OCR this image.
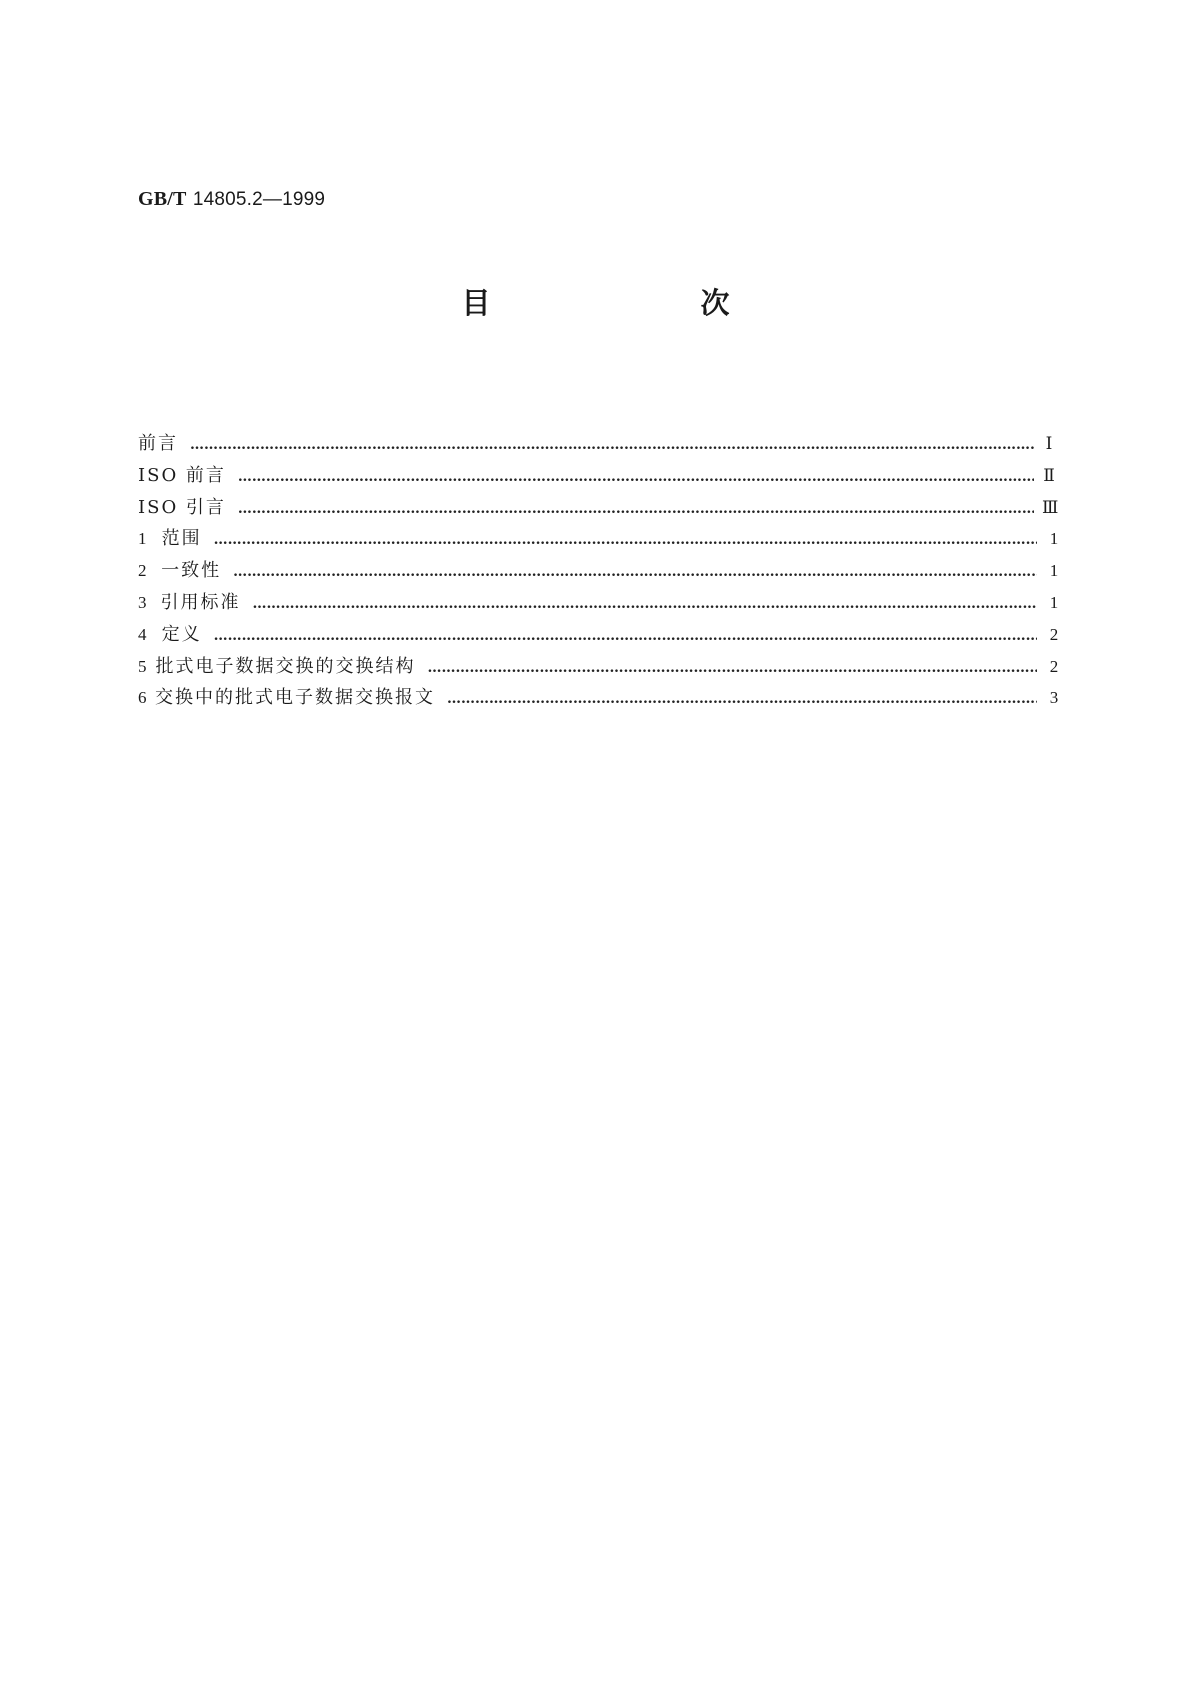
GB/T 14805.2—1999
目 次
前言 …………………………………………………………………………………………………………………………………………………………………………………………………………………………	Ⅰ
ISO 前言 …………………………………………………………………………………………………………………………………………………………………………………………………………………………	Ⅱ
ISO 引言 …………………………………………………………………………………………………………………………………………………………………………………………………………………………	Ⅲ
1 范围 …………………………………………………………………………………………………………………………………………………………………………………………………………………………	1
2 一致性 …………………………………………………………………………………………………………………………………………………………………………………………………………………………	1
3 引用标准 …………………………………………………………………………………………………………………………………………………………………………………………………………………………	1
4 定义 …………………………………………………………………………………………………………………………………………………………………………………………………………………………	2
5 批式电子数据交换的交换结构 …………………………………………………………………………………………………………………………………………………………………………………………………………………………	2
6 交换中的批式电子数据交换报文 …………………………………………………………………………………………………………………………………………………………………………………………………………………………	3
